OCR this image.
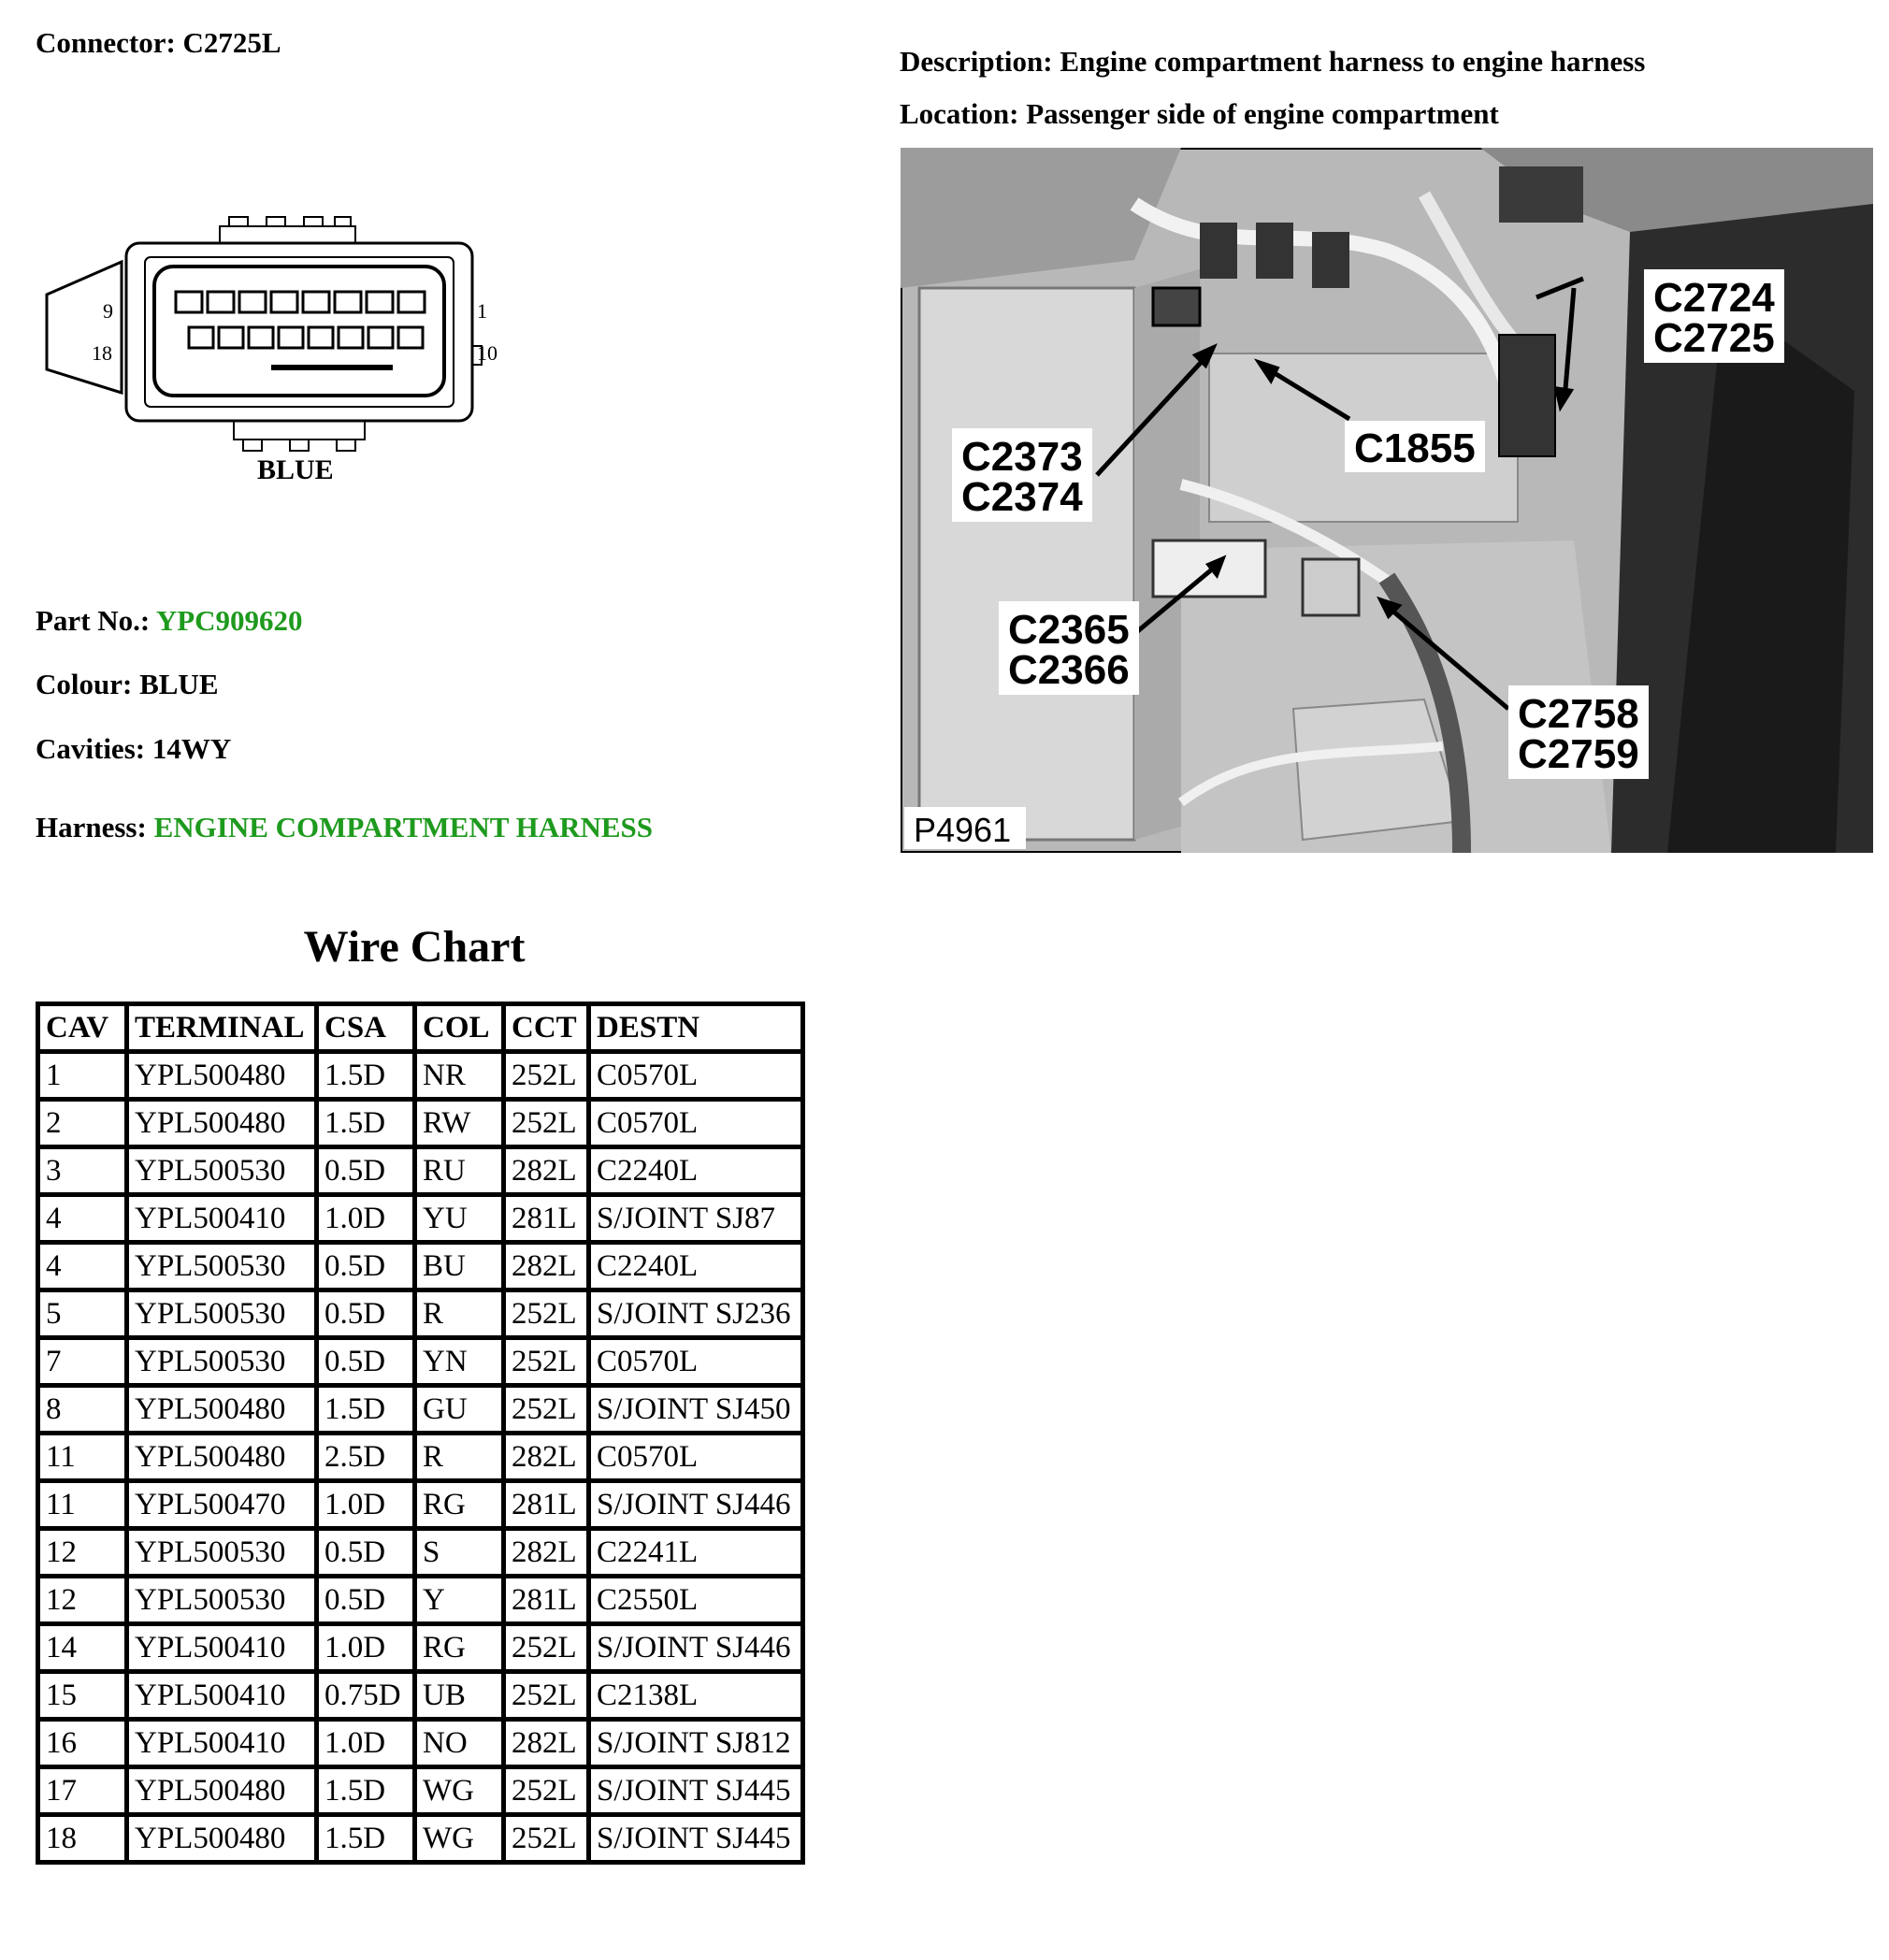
Connector: C2725L
Description: Engine compartment harness to engine harness
Location: Passenger side of engine compartment
9
18
1
10
BLUE
Part No.: YPC909620
Colour: BLUE
Cavities: 14WY
Harness: ENGINE COMPARTMENT HARNESS
C2724
C2725
C2373
C2374
C1855
C2365
C2366
C2758
C2759
P4961
Wire Chart
CAV	TERMINAL	CSA	COL	CCT	DESTN
1	YPL500480	1.5D	NR	252L	C0570L
2	YPL500480	1.5D	RW	252L	C0570L
3	YPL500530	0.5D	RU	282L	C2240L
4	YPL500410	1.0D	YU	281L	S/JOINT SJ87
4	YPL500530	0.5D	BU	282L	C2240L
5	YPL500530	0.5D	R	252L	S/JOINT SJ236
7	YPL500530	0.5D	YN	252L	C0570L
8	YPL500480	1.5D	GU	252L	S/JOINT SJ450
11	YPL500480	2.5D	R	282L	C0570L
11	YPL500470	1.0D	RG	281L	S/JOINT SJ446
12	YPL500530	0.5D	S	282L	C2241L
12	YPL500530	0.5D	Y	281L	C2550L
14	YPL500410	1.0D	RG	252L	S/JOINT SJ446
15	YPL500410	0.75D	UB	252L	C2138L
16	YPL500410	1.0D	NO	282L	S/JOINT SJ812
17	YPL500480	1.5D	WG	252L	S/JOINT SJ445
18	YPL500480	1.5D	WG	252L	S/JOINT SJ445
